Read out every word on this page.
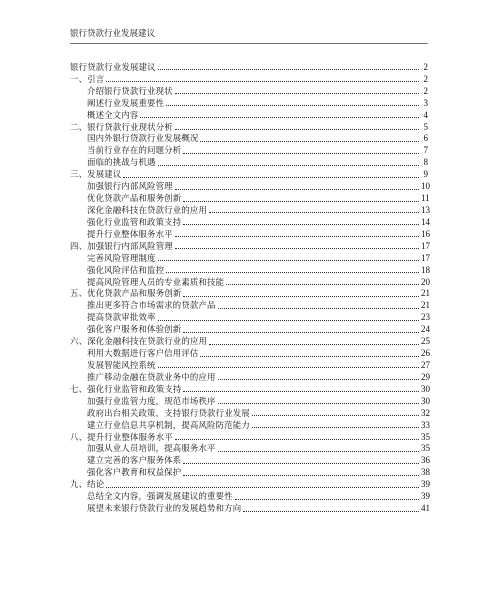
银行贷款行业发展建议
银行贷款行业发展建议	2
一、引言	2
介绍银行贷款行业现状	2
阐述行业发展重要性	3
概述全文内容	4
二、银行贷款行业现状分析	5
国内外银行贷款行业发展概况	6
当前行业存在的问题分析	7
面临的挑战与机遇	8
三、发展建议	9
加强银行内部风险管理	10
优化贷款产品和服务创新	11
深化金融科技在贷款行业的应用	13
强化行业监管和政策支持	14
提升行业整体服务水平	16
四、加强银行内部风险管理	17
完善风险管理制度	17
强化风险评估和监控	18
提高风险管理人员的专业素质和技能	20
五、优化贷款产品和服务创新	21
推出更多符合市场需求的贷款产品	21
提高贷款审批效率	23
强化客户服务和体验创新	24
六、深化金融科技在贷款行业的应用	25
利用大数据进行客户信用评估	26
发展智能风控系统	27
推广移动金融在贷款业务中的应用	29
七、强化行业监管和政策支持	30
加强行业监管力度，规范市场秩序	30
政府出台相关政策，支持银行贷款行业发展	32
建立行业信息共享机制，提高风险防范能力	33
八、提升行业整体服务水平	35
加强从业人员培训，提高服务水平	35
建立完善的客户服务体系	36
强化客户教育和权益保护	38
九、结论	39
总结全文内容，强调发展建议的重要性	39
展望未来银行贷款行业的发展趋势和方向	41
